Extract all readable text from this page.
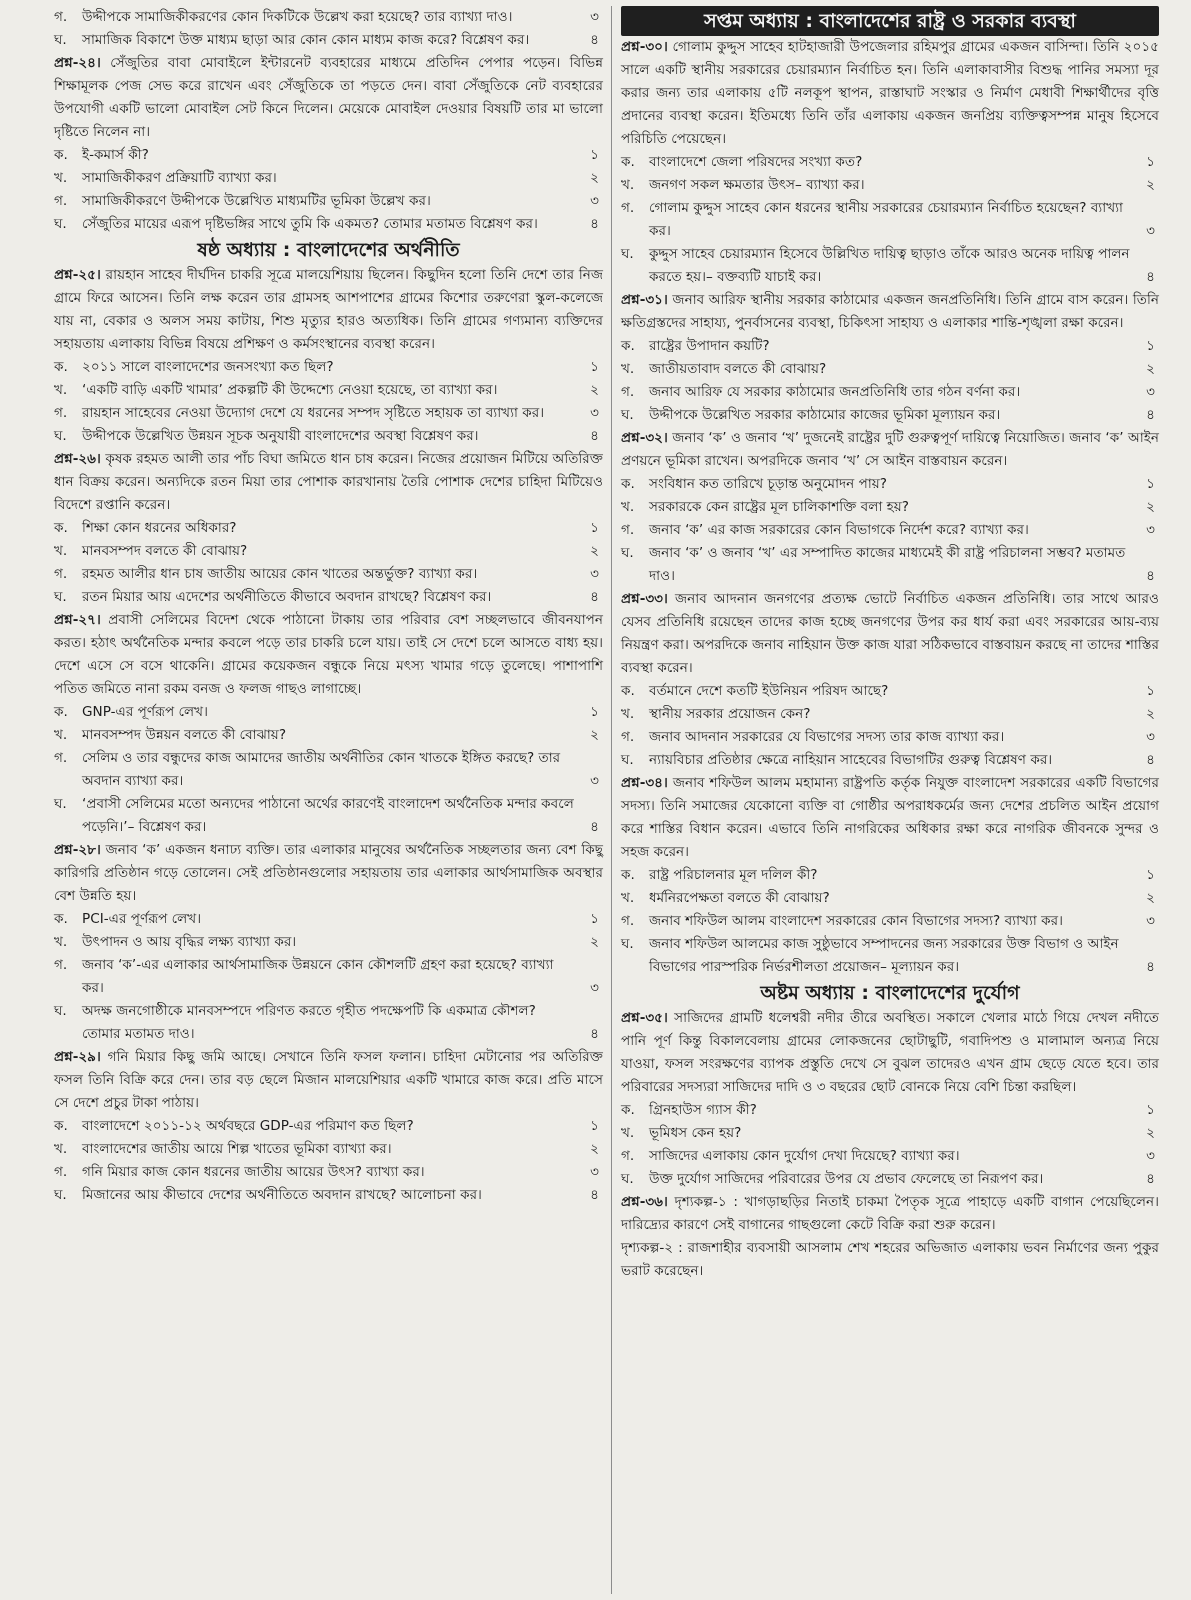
গ. উদ্দীপকে সামাজিকীকরণের কোন দিকটিকে উল্লেখ করা হয়েছে? তার ব্যাখ্যা দাও।	৩
ঘ. সামাজিক বিকাশে উক্ত মাধ্যম ছাড়া আর কোন কোন মাধ্যম কাজ করে? বিশ্লেষণ কর।	৪

প্রশ্ন-২৪। সেঁজুতির বাবা মোবাইলে ইন্টারনেট ব্যবহারের মাধ্যমে প্রতিদিন পেপার পড়েন। বিভিন্ন শিক্ষামূলক পেজ সেভ করে রাখেন এবং সেঁজুতিকে তা পড়তে দেন। বাবা সেঁজুতিকে নেট ব্যবহারের উপযোগী একটি ভালো মোবাইল সেট কিনে দিলেন। মেয়েকে মোবাইল দেওয়ার বিষয়টি তার মা ভালো দৃষ্টিতে নিলেন না।

ক. ই-কমার্স কী?	১
খ. সামাজিকীকরণ প্রক্রিয়াটি ব্যাখ্যা কর।	২
গ. সামাজিকীকরণে উদ্দীপকে উল্লেখিত মাধ্যমটির ভূমিকা উল্লেখ কর।	৩
ঘ. সেঁজুতির মায়ের এরূপ দৃষ্টিভঙ্গির সাথে তুমি কি একমত? তোমার মতামত বিশ্লেষণ কর।	৪
ষষ্ঠ অধ্যায় : বাংলাদেশের অর্থনীতি

প্রশ্ন-২৫। রায়হান সাহেব দীর্ঘদিন চাকরি সূত্রে মালয়েশিয়ায় ছিলেন। কিছুদিন হলো তিনি দেশে তার নিজ গ্রামে ফিরে আসেন। তিনি লক্ষ করেন তার গ্রামসহ আশপাশের গ্রামের কিশোর তরুণেরা স্কুল-কলেজে যায় না, বেকার ও অলস সময় কাটায়, শিশু মৃত্যুর হারও অত্যধিক। তিনি গ্রামের গণ্যমান্য ব্যক্তিদের সহায়তায় এলাকায় বিভিন্ন বিষয়ে প্রশিক্ষণ ও কর্মসংস্থানের ব্যবস্থা করেন।

ক. ২০১১ সালে বাংলাদেশের জনসংখ্যা কত ছিল?	১
খ. ‘একটি বাড়ি একটি খামার’ প্রকল্পটি কী উদ্দেশ্যে নেওয়া হয়েছে, তা ব্যাখ্যা কর।	২
গ. রায়হান সাহেবের নেওয়া উদ্যোগ দেশে যে ধরনের সম্পদ সৃষ্টিতে সহায়ক তা ব্যাখ্যা কর।	৩
ঘ. উদ্দীপকে উল্লেখিত উন্নয়ন সূচক অনুযায়ী বাংলাদেশের অবস্থা বিশ্লেষণ কর।	৪

প্রশ্ন-২৬। কৃষক রহমত আলী তার পাঁচ বিঘা জমিতে ধান চাষ করেন। নিজের প্রয়োজন মিটিয়ে অতিরিক্ত ধান বিক্রয় করেন। অন্যদিকে রতন মিয়া তার পোশাক কারখানায় তৈরি পোশাক দেশের চাহিদা মিটিয়েও বিদেশে রপ্তানি করেন।

ক. শিক্ষা কোন ধরনের অধিকার?	১
খ. মানবসম্পদ বলতে কী বোঝায়?	২
গ. রহমত আলীর ধান চাষ জাতীয় আয়ের কোন খাতের অন্তর্ভুক্ত? ব্যাখ্যা কর।	৩
ঘ. রতন মিয়ার আয় এদেশের অর্থনীতিতে কীভাবে অবদান রাখছে? বিশ্লেষণ কর।	৪

প্রশ্ন-২৭। প্রবাসী সেলিমের বিদেশ থেকে পাঠানো টাকায় তার পরিবার বেশ সচ্ছলভাবে জীবনযাপন করত। হঠাৎ অর্থনৈতিক মন্দার কবলে পড়ে তার চাকরি চলে যায়। তাই সে দেশে চলে আসতে বাধ্য হয়। দেশে এসে সে বসে থাকেনি। গ্রামের কয়েকজন বন্ধুকে নিয়ে মৎস্য খামার গড়ে তুলেছে। পাশাপাশি পতিত জমিতে নানা রকম বনজ ও ফলজ গাছও লাগাচ্ছে।

ক. GNP-এর পূর্ণরূপ লেখ।	১
খ. মানবসম্পদ উন্নয়ন বলতে কী বোঝায়?	২
গ. সেলিম ও তার বন্ধুদের কাজ আমাদের জাতীয় অর্থনীতির কোন খাতকে ইঙ্গিত করছে? তার অবদান ব্যাখ্যা কর।	৩
ঘ. ‘প্রবাসী সেলিমের মতো অন্যদের পাঠানো অর্থের কারণেই বাংলাদেশ অর্থনৈতিক মন্দার কবলে পড়েনি।’– বিশ্লেষণ কর।	৪

প্রশ্ন-২৮। জনাব ‘ক’ একজন ধনাঢ্য ব্যক্তি। তার এলাকার মানুষের অর্থনৈতিক সচ্ছলতার জন্য বেশ কিছু কারিগরি প্রতিষ্ঠান গড়ে তোলেন। সেই প্রতিষ্ঠানগুলোর সহায়তায় তার এলাকার আর্থসামাজিক অবস্থার বেশ উন্নতি হয়।

ক. PCI-এর পূর্ণরূপ লেখ।	১
খ. উৎপাদন ও আয় বৃদ্ধির লক্ষ্য ব্যাখ্যা কর।	২
গ. জনাব ‘ক’-এর এলাকার আর্থসামাজিক উন্নয়নে কোন কৌশলটি গ্রহণ করা হয়েছে? ব্যাখ্যা কর।	৩
ঘ. অদক্ষ জনগোষ্ঠীকে মানবসম্পদে পরিণত করতে গৃহীত পদক্ষেপটি কি একমাত্র কৌশল? তোমার মতামত দাও।	৪

প্রশ্ন-২৯। গনি মিয়ার কিছু জমি আছে। সেখানে তিনি ফসল ফলান। চাহিদা মেটানোর পর অতিরিক্ত ফসল তিনি বিক্রি করে দেন। তার বড় ছেলে মিজান মালয়েশিয়ার একটি খামারে কাজ করে। প্রতি মাসে সে দেশে প্রচুর টাকা পাঠায়।

ক. বাংলাদেশে ২০১১-১২ অর্থবছরে GDP-এর পরিমাণ কত ছিল?	১
খ. বাংলাদেশের জাতীয় আয়ে শিল্প খাতের ভূমিকা ব্যাখ্যা কর।	২
গ. গনি মিয়ার কাজ কোন ধরনের জাতীয় আয়ের উৎস? ব্যাখ্যা কর।	৩
ঘ. মিজানের আয় কীভাবে দেশের অর্থনীতিতে অবদান রাখছে? আলোচনা কর।	৪
সপ্তম অধ্যায় : বাংলাদেশের রাষ্ট্র ও সরকার ব্যবস্থা

প্রশ্ন-৩০। গোলাম কুদ্দুস সাহেব হাটহাজারী উপজেলার রহিমপুর গ্রামের একজন বাসিন্দা। তিনি ২০১৫ সালে একটি স্থানীয় সরকারের চেয়ারম্যান নির্বাচিত হন। তিনি এলাকাবাসীর বিশুদ্ধ পানির সমস্যা দূর করার জন্য তার এলাকায় ৫টি নলকূপ স্থাপন, রাস্তাঘাট সংস্কার ও নির্মাণ মেধাবী শিক্ষার্থীদের বৃত্তি প্রদানের ব্যবস্থা করেন। ইতিমধ্যে তিনি তাঁর এলাকায় একজন জনপ্রিয় ব্যক্তিত্বসম্পন্ন মানুষ হিসেবে পরিচিতি পেয়েছেন।

ক. বাংলাদেশে জেলা পরিষদের সংখ্যা কত?	১
খ. জনগণ সকল ক্ষমতার উৎস– ব্যাখ্যা কর।	২
গ. গোলাম কুদ্দুস সাহেব কোন ধরনের স্থানীয় সরকারের চেয়ারম্যান নির্বাচিত হয়েছেন? ব্যাখ্যা কর।	৩
ঘ. কুদ্দুস সাহেব চেয়ারম্যান হিসেবে উল্লিখিত দায়িত্ব ছাড়াও তাঁকে আরও অনেক দায়িত্ব পালন করতে হয়।– বক্তব্যটি যাচাই কর।	৪

প্রশ্ন-৩১। জনাব আরিফ স্থানীয় সরকার কাঠামোর একজন জনপ্রতিনিধি। তিনি গ্রামে বাস করেন। তিনি ক্ষতিগ্রস্তদের সাহায্য, পুনর্বাসনের ব্যবস্থা, চিকিৎসা সাহায্য ও এলাকার শান্তি-শৃঙ্খলা রক্ষা করেন।

ক. রাষ্ট্রের উপাদান কয়টি?	১
খ. জাতীয়তাবাদ বলতে কী বোঝায়?	২
গ. জনাব আরিফ যে সরকার কাঠামোর জনপ্রতিনিধি তার গঠন বর্ণনা কর।	৩
ঘ. উদ্দীপকে উল্লেখিত সরকার কাঠামোর কাজের ভূমিকা মূল্যায়ন কর।	৪

প্রশ্ন-৩২। জনাব ‘ক’ ও জনাব ‘খ’ দুজনেই রাষ্ট্রের দুটি গুরুত্বপূর্ণ দায়িত্বে নিয়োজিত। জনাব ‘ক’ আইন প্রণয়নে ভূমিকা রাখেন। অপরদিকে জনাব ‘খ’ সে আইন বাস্তবায়ন করেন।

ক. সংবিধান কত তারিখে চূড়ান্ত অনুমোদন পায়?	১
খ. সরকারকে কেন রাষ্ট্রের মূল চালিকাশক্তি বলা হয়?	২
গ. জনাব ‘ক’ এর কাজ সরকারের কোন বিভাগকে নির্দেশ করে? ব্যাখ্যা কর।	৩
ঘ. জনাব ‘ক’ ও জনাব ‘খ’ এর সম্পাদিত কাজের মাধ্যমেই কী রাষ্ট্র পরিচালনা সম্ভব? মতামত দাও।	৪

প্রশ্ন-৩৩। জনাব আদনান জনগণের প্রত্যক্ষ ভোটে নির্বাচিত একজন প্রতিনিধি। তার সাথে আরও যেসব প্রতিনিধি রয়েছেন তাদের কাজ হচ্ছে জনগণের উপর কর ধার্য করা এবং সরকারের আয়-ব্যয় নিয়ন্ত্রণ করা। অপরদিকে জনাব নাহিয়ান উক্ত কাজ যারা সঠিকভাবে বাস্তবায়ন করছে না তাদের শাস্তির ব্যবস্থা করেন।

ক. বর্তমানে দেশে কতটি ইউনিয়ন পরিষদ আছে?	১
খ. স্থানীয় সরকার প্রয়োজন কেন?	২
গ. জনাব আদনান সরকারের যে বিভাগের সদস্য তার কাজ ব্যাখ্যা কর।	৩
ঘ. ন্যায়বিচার প্রতিষ্ঠার ক্ষেত্রে নাহিয়ান সাহেবের বিভাগটির গুরুত্ব বিশ্লেষণ কর।	৪

প্রশ্ন-৩৪। জনাব শফিউল আলম মহামান্য রাষ্ট্রপতি কর্তৃক নিযুক্ত বাংলাদেশ সরকারের একটি বিভাগের সদস্য। তিনি সমাজের যেকোনো ব্যক্তি বা গোষ্ঠীর অপরাধকর্মের জন্য দেশের প্রচলিত আইন প্রয়োগ করে শাস্তির বিধান করেন। এভাবে তিনি নাগরিকের অধিকার রক্ষা করে নাগরিক জীবনকে সুন্দর ও সহজ করেন।

ক. রাষ্ট্র পরিচালনার মূল দলিল কী?	১
খ. ধর্মনিরপেক্ষতা বলতে কী বোঝায়?	২
গ. জনাব শফিউল আলম বাংলাদেশ সরকারের কোন বিভাগের সদস্য? ব্যাখ্যা কর।	৩
ঘ. জনাব শফিউল আলমের কাজ সুষ্ঠুভাবে সম্পাদনের জন্য সরকারের উক্ত বিভাগ ও আইন বিভাগের পারস্পরিক নির্ভরশীলতা প্রয়োজন– মূল্যায়ন কর।	৪
অষ্টম অধ্যায় : বাংলাদেশের দুর্যোগ

প্রশ্ন-৩৫। সাজিদের গ্রামটি ধলেশ্বরী নদীর তীরে অবস্থিত। সকালে খেলার মাঠে গিয়ে দেখল নদীতে পানি পূর্ণ কিন্তু বিকালবেলায় গ্রামের লোকজনের ছোটাছুটি, গবাদিপশু ও মালামাল অন্যত্র নিয়ে যাওয়া, ফসল সংরক্ষণের ব্যাপক প্রস্তুতি দেখে সে বুঝল তাদেরও এখন গ্রাম ছেড়ে যেতে হবে। তার পরিবারের সদস্যরা সাজিদের দাদি ও ৩ বছরের ছোট বোনকে নিয়ে বেশি চিন্তা করছিল।

ক. গ্রিনহাউস গ্যাস কী?	১
খ. ভূমিধস কেন হয়?	২
গ. সাজিদের এলাকায় কোন দুর্যোগ দেখা দিয়েছে? ব্যাখ্যা কর।	৩
ঘ. উক্ত দুর্যোগ সাজিদের পরিবারের উপর যে প্রভাব ফেলেছে তা নিরূপণ কর।	৪

প্রশ্ন-৩৬। দৃশ্যকল্প-১ : খাগড়াছড়ির নিতাই চাকমা পৈতৃক সূত্রে পাহাড়ে একটি বাগান পেয়েছিলেন। দারিদ্র্যের কারণে সেই বাগানের গাছগুলো কেটে বিক্রি করা শুরু করেন।

দৃশ্যকল্প-২ : রাজশাহীর ব্যবসায়ী আসলাম শেখ শহরের অভিজাত এলাকায় ভবন নির্মাণের জন্য পুকুর ভরাট করেছেন।
